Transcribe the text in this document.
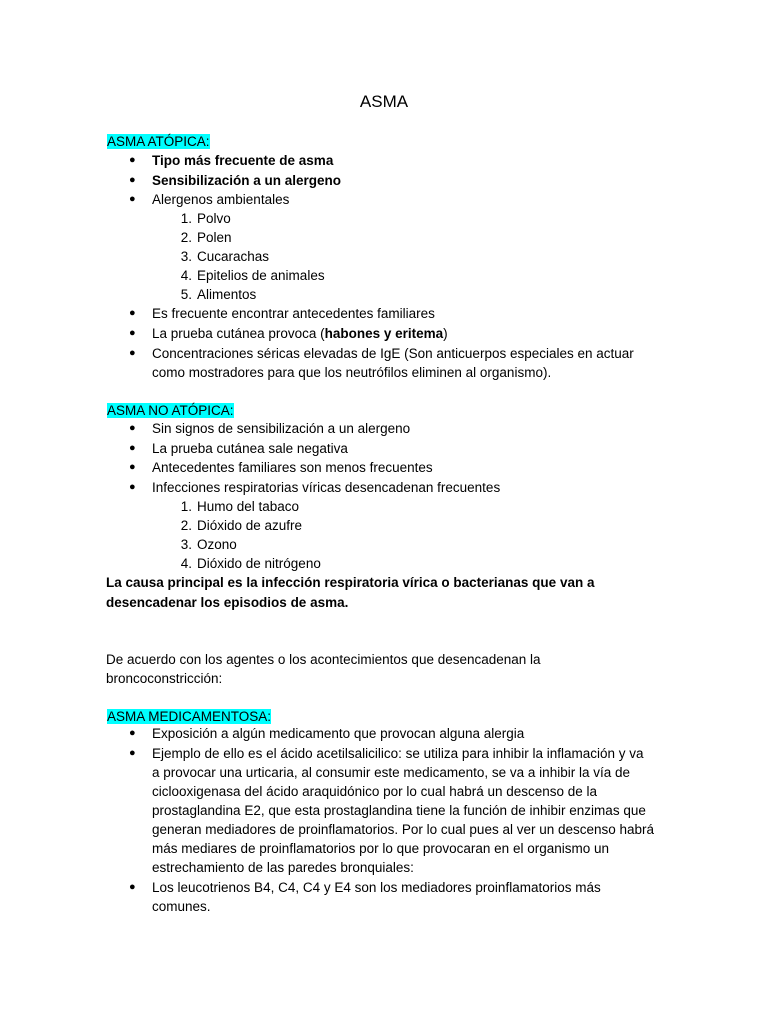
ASMA
ASMA ATÓPICA:
● Tipo más frecuente de asma
● Sensibilización a un alergeno
● Alergenos ambientales
1. Polvo
2. Polen
3. Cucarachas
4. Epitelios de animales
5. Alimentos
● Es frecuente encontrar antecedentes familiares
● La prueba cutánea provoca (habones y eritema)
● Concentraciones séricas elevadas de IgE (Son anticuerpos especiales en actuar
como mostradores para que los neutrófilos eliminen al organismo).
ASMA NO ATÓPICA:
● Sin signos de sensibilización a un alergeno
● La prueba cutánea sale negativa
● Antecedentes familiares son menos frecuentes
● Infecciones respiratorias víricas desencadenan frecuentes
1. Humo del tabaco
2. Dióxido de azufre
3. Ozono
4. Dióxido de nitrógeno
La causa principal es la infección respiratoria vírica o bacterianas que van a
desencadenar los episodios de asma.
De acuerdo con los agentes o los acontecimientos que desencadenan la
broncoconstricción:
ASMA MEDICAMENTOSA:
● Exposición a algún medicamento que provocan alguna alergia
● Ejemplo de ello es el ácido acetilsalicilico: se utiliza para inhibir la inflamación y va
a provocar una urticaria, al consumir este medicamento, se va a inhibir la vía de
ciclooxigenasa del ácido araquidónico por lo cual habrá un descenso de la
prostaglandina E2, que esta prostaglandina tiene la función de inhibir enzimas que
generan mediadores de proinflamatorios. Por lo cual pues al ver un descenso habrá
más mediares de proinflamatorios por lo que provocaran en el organismo un
estrechamiento de las paredes bronquiales:
● Los leucotrienos B4, C4, C4 y E4 son los mediadores proinflamatorios más
comunes.
